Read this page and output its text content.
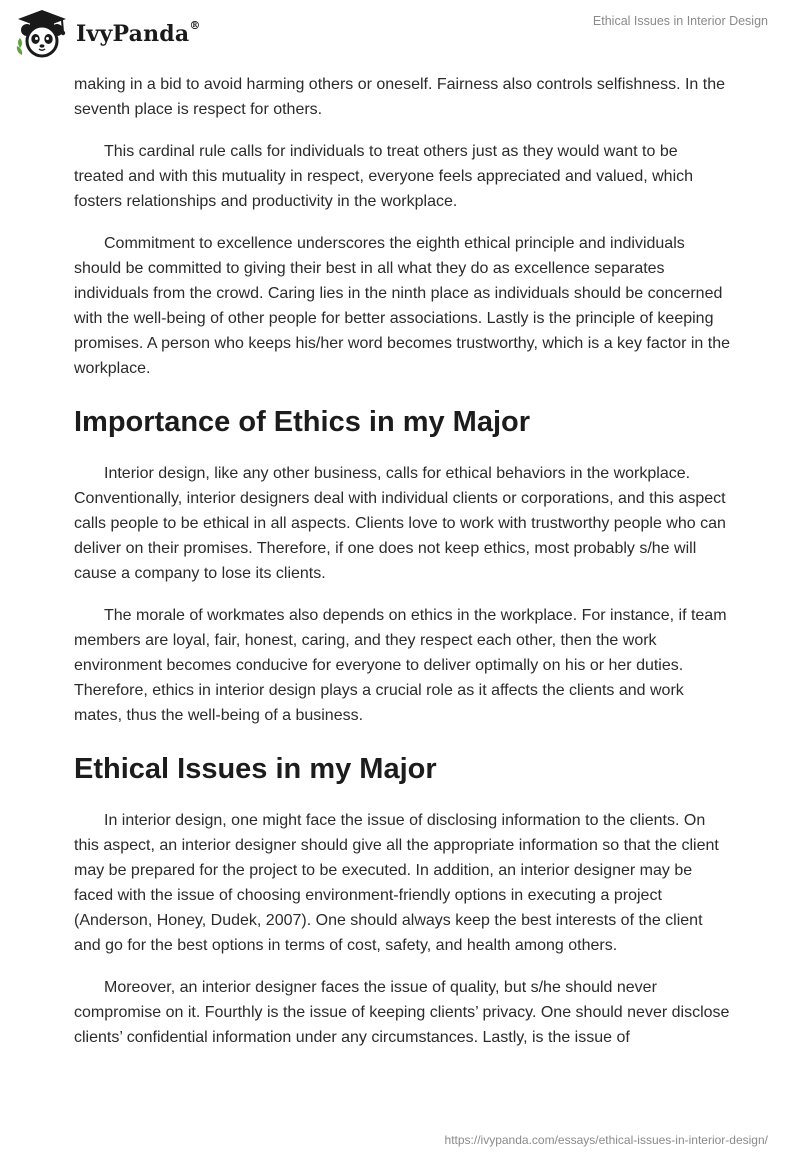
IvyPanda®	Ethical Issues in Interior Design

making in a bid to avoid harming others or oneself. Fairness also controls selfishness. In the seventh place is respect for others.

This cardinal rule calls for individuals to treat others just as they would want to be treated and with this mutuality in respect, everyone feels appreciated and valued, which fosters relationships and productivity in the workplace.

Commitment to excellence underscores the eighth ethical principle and individuals should be committed to giving their best in all what they do as excellence separates individuals from the crowd. Caring lies in the ninth place as individuals should be concerned with the well-being of other people for better associations. Lastly is the principle of keeping promises. A person who keeps his/her word becomes trustworthy, which is a key factor in the workplace.

Importance of Ethics in my Major

Interior design, like any other business, calls for ethical behaviors in the workplace. Conventionally, interior designers deal with individual clients or corporations, and this aspect calls people to be ethical in all aspects. Clients love to work with trustworthy people who can deliver on their promises. Therefore, if one does not keep ethics, most probably s/he will cause a company to lose its clients.

The morale of workmates also depends on ethics in the workplace. For instance, if team members are loyal, fair, honest, caring, and they respect each other, then the work environment becomes conducive for everyone to deliver optimally on his or her duties. Therefore, ethics in interior design plays a crucial role as it affects the clients and work mates, thus the well-being of a business.

Ethical Issues in my Major

In interior design, one might face the issue of disclosing information to the clients. On this aspect, an interior designer should give all the appropriate information so that the client may be prepared for the project to be executed. In addition, an interior designer may be faced with the issue of choosing environment-friendly options in executing a project (Anderson, Honey, Dudek, 2007). One should always keep the best interests of the client and go for the best options in terms of cost, safety, and health among others.

Moreover, an interior designer faces the issue of quality, but s/he should never compromise on it. Fourthly is the issue of keeping clients’ privacy. One should never disclose clients’ confidential information under any circumstances. Lastly, is the issue of

https://ivypanda.com/essays/ethical-issues-in-interior-design/
